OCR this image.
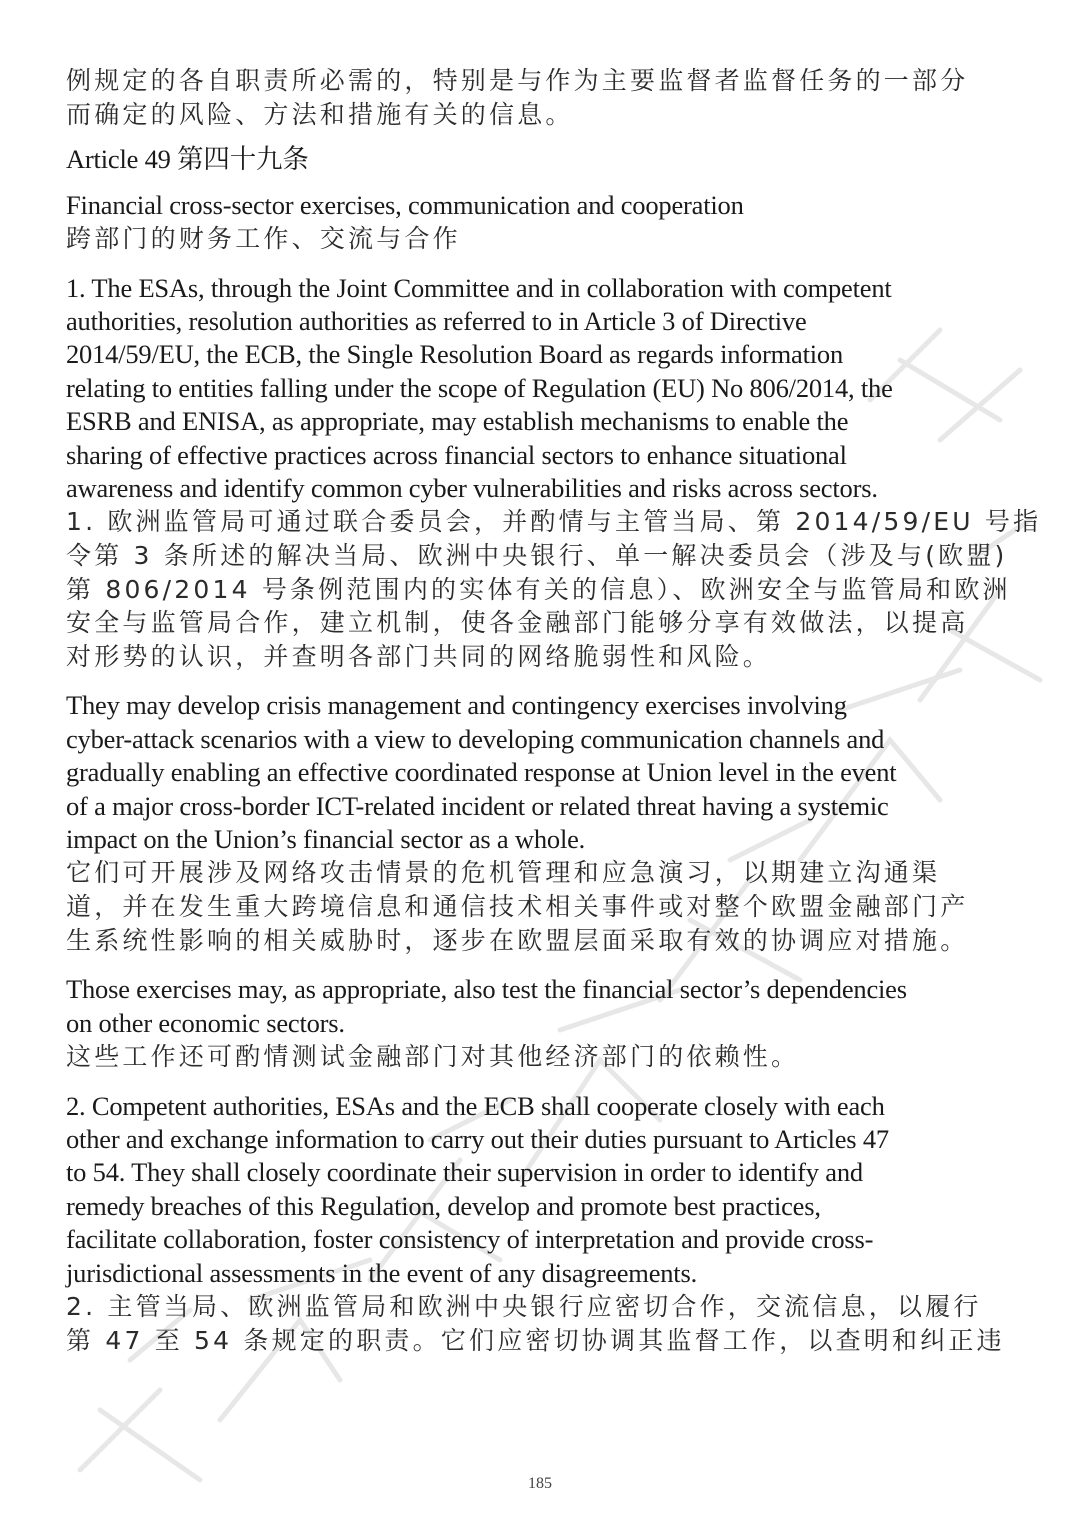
例规定的各自职责所必需的，特别是与作为主要监督者监督任务的一部分
而确定的风险、方法和措施有关的信息。
Article 49 第四十九条
Financial cross-sector exercises, communication and cooperation
跨部门的财务工作、交流与合作
1. The ESAs, through the Joint Committee and in collaboration with competent
authorities, resolution authorities as referred to in Article 3 of Directive
2014/59/EU, the ECB, the Single Resolution Board as regards information
relating to entities falling under the scope of Regulation (EU) No 806/2014, the
ESRB and ENISA, as appropriate, may establish mechanisms to enable the
sharing of effective practices across financial sectors to enhance situational
awareness and identify common cyber vulnerabilities and risks across sectors.
1. 欧洲监管局可通过联合委员会，并酌情与主管当局、第 2014/59/EU 号指
令第 3 条所述的解决当局、欧洲中央银行、单一解决委员会（涉及与(欧盟)
第 806/2014 号条例范围内的实体有关的信息）、欧洲安全与监管局和欧洲
安全与监管局合作，建立机制，使各金融部门能够分享有效做法，以提高
对形势的认识，并查明各部门共同的网络脆弱性和风险。
They may develop crisis management and contingency exercises involving
cyber-attack scenarios with a view to developing communication channels and
gradually enabling an effective coordinated response at Union level in the event
of a major cross-border ICT-related incident or related threat having a systemic
impact on the Union’s financial sector as a whole.
它们可开展涉及网络攻击情景的危机管理和应急演习，以期建立沟通渠
道，并在发生重大跨境信息和通信技术相关事件或对整个欧盟金融部门产
生系统性影响的相关威胁时，逐步在欧盟层面采取有效的协调应对措施。
Those exercises may, as appropriate, also test the financial sector’s dependencies
on other economic sectors.
这些工作还可酌情测试金融部门对其他经济部门的依赖性。
2. Competent authorities, ESAs and the ECB shall cooperate closely with each
other and exchange information to carry out their duties pursuant to Articles 47
to 54. They shall closely coordinate their supervision in order to identify and
remedy breaches of this Regulation, develop and promote best practices,
facilitate collaboration, foster consistency of interpretation and provide cross-
jurisdictional assessments in the event of any disagreements.
2. 主管当局、欧洲监管局和欧洲中央银行应密切合作，交流信息，以履行
第 47 至 54 条规定的职责。它们应密切协调其监督工作，以查明和纠正违
185
